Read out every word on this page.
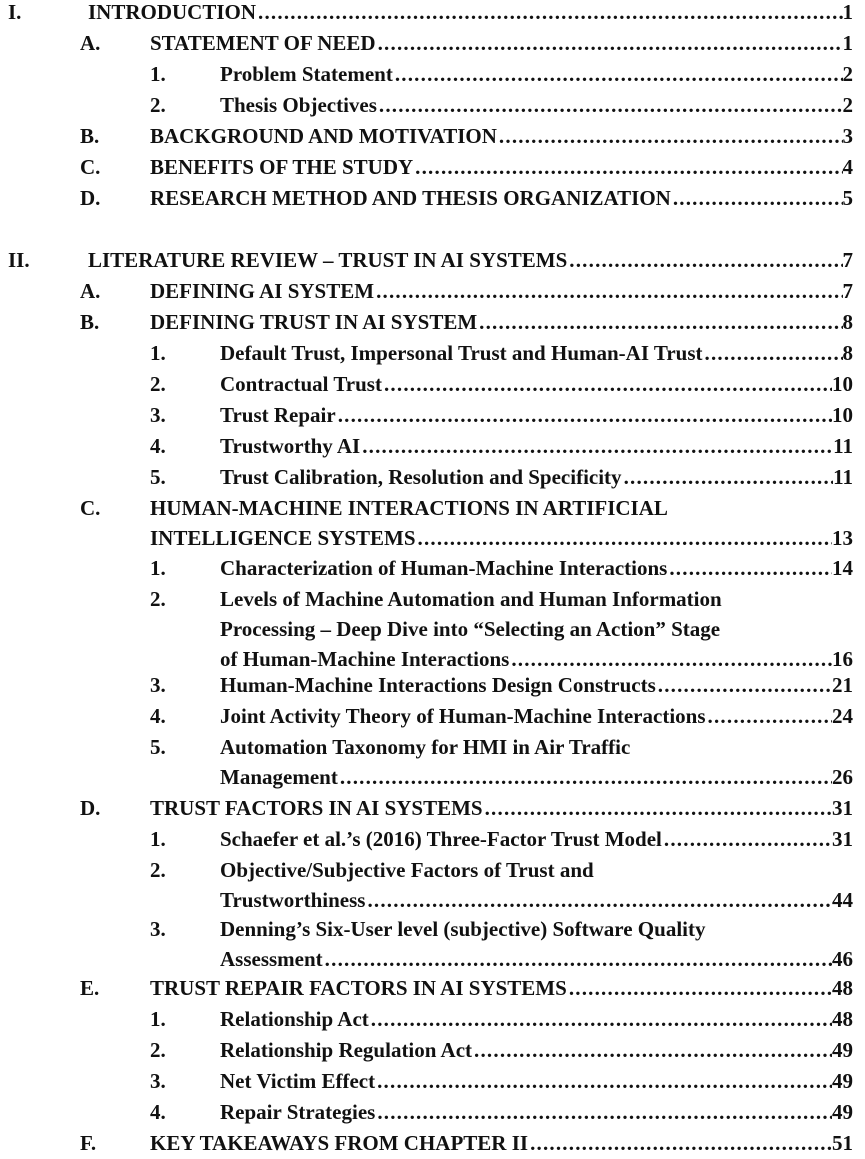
I.	INTRODUCTION .....	1
A. STATEMENT OF NEED .....	1
1.	Problem Statement .....	2
2.	Thesis Objectives .....	2
B. BACKGROUND AND MOTIVATION .....	3
C. BENEFITS OF THE STUDY .....	4
D. RESEARCH METHOD AND THESIS ORGANIZATION .....	5
II.	LITERATURE REVIEW – TRUST IN AI SYSTEMS .....	7
A. DEFINING AI SYSTEM .....	7
B. DEFINING TRUST IN AI SYSTEM .....	8
1.	Default Trust, Impersonal Trust and Human-AI Trust .....	8
2.	Contractual Trust .....	10
3.	Trust Repair .....	10
4.	Trustworthy AI .....	11
5.	Trust Calibration, Resolution and Specificity .....	11
C. HUMAN-MACHINE INTERACTIONS IN ARTIFICIAL
INTELLIGENCE SYSTEMS .....	13
1.	Characterization of Human-Machine Interactions .....	14
2.	Levels of Machine Automation and Human Information
Processing – Deep Dive into “Selecting an Action” Stage
of Human-Machine Interactions .....	16
3.	Human-Machine Interactions Design Constructs .....	21
4.	Joint Activity Theory of Human-Machine Interactions .....	24
5.	Automation Taxonomy for HMI in Air Traffic
Management .....	26
D. TRUST FACTORS IN AI SYSTEMS .....	31
1.	Schaefer et al.’s (2016) Three-Factor Trust Model .....	31
2.	Objective/Subjective Factors of Trust and
Trustworthiness .....	44
3.	Denning’s Six-User level (subjective) Software Quality
Assessment .....	46
E. TRUST REPAIR FACTORS IN AI SYSTEMS .....	48
1.	Relationship Act .....	48
2.	Relationship Regulation Act .....	49
3.	Net Victim Effect .....	49
4.	Repair Strategies .....	49
F.	KEY TAKEAWAYS FROM CHAPTER II .....	51
